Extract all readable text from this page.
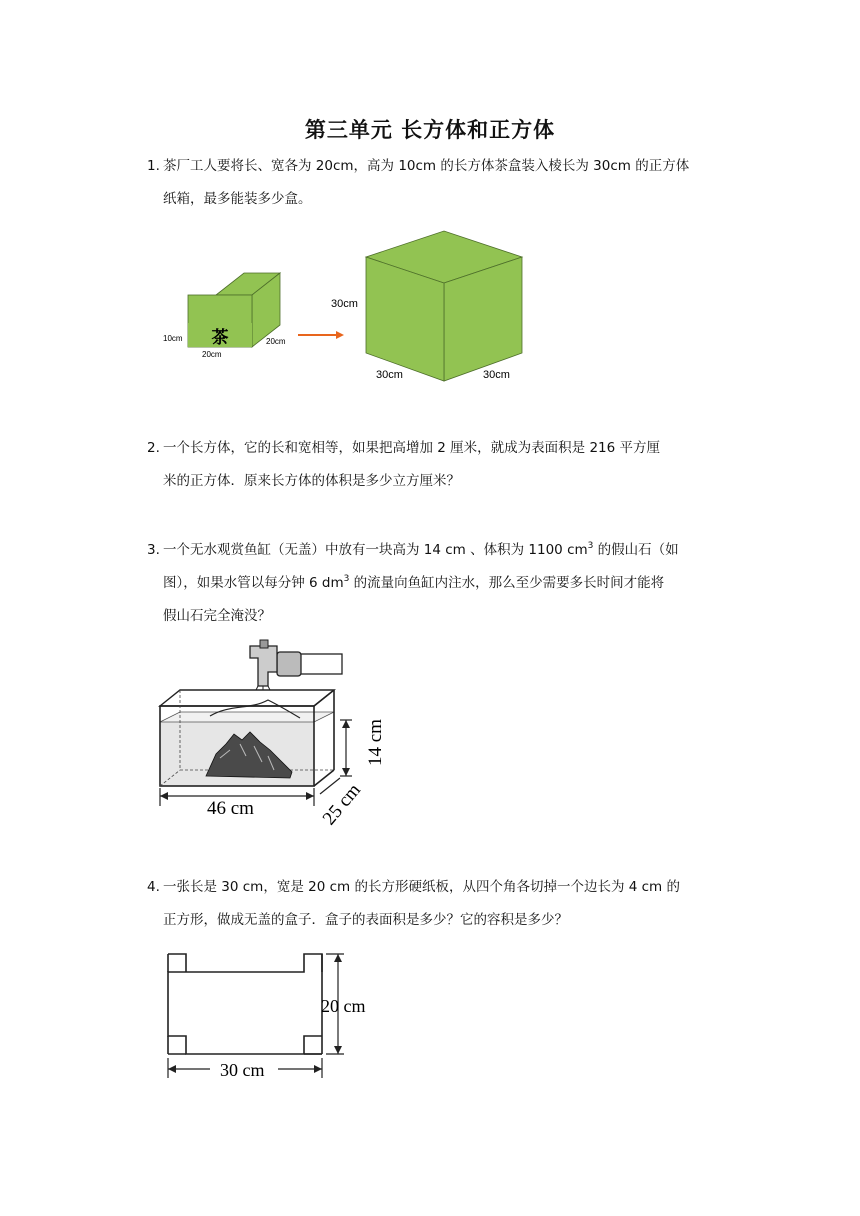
第三单元 长方体和正方体

1. 茶厂工人要将长、宽各为 20cm，高为 10cm 的长方体茶盒装入棱长为 30cm 的正方体

纸箱，最多能装多少盒。

茶
10cm
20cm
20cm
30cm
30cm	30cm

2. 一个长方体，它的长和宽相等，如果把高增加 2 厘米，就成为表面积是 216 平方厘

米的正方体．原来长方体的体积是多少立方厘米？

3. 一个无水观赏鱼缸（无盖）中放有一块高为 14 cm 、体积为 1100 $cm^3$ 的假山石（如

图），如果水管以每分钟 6 $dm^3$ 的流量向鱼缸内注水，那么至少需要多长时间才能将

假山石完全淹没？

14 cm
46 cm	25 cm

4. 一张长是 30 cm，宽是 20 cm 的长方形硬纸板，从四个角各切掉一个边长为 4 cm 的

正方形，做成无盖的盒子．盒子的表面积是多少？它的容积是多少？

20 cm
30 cm
